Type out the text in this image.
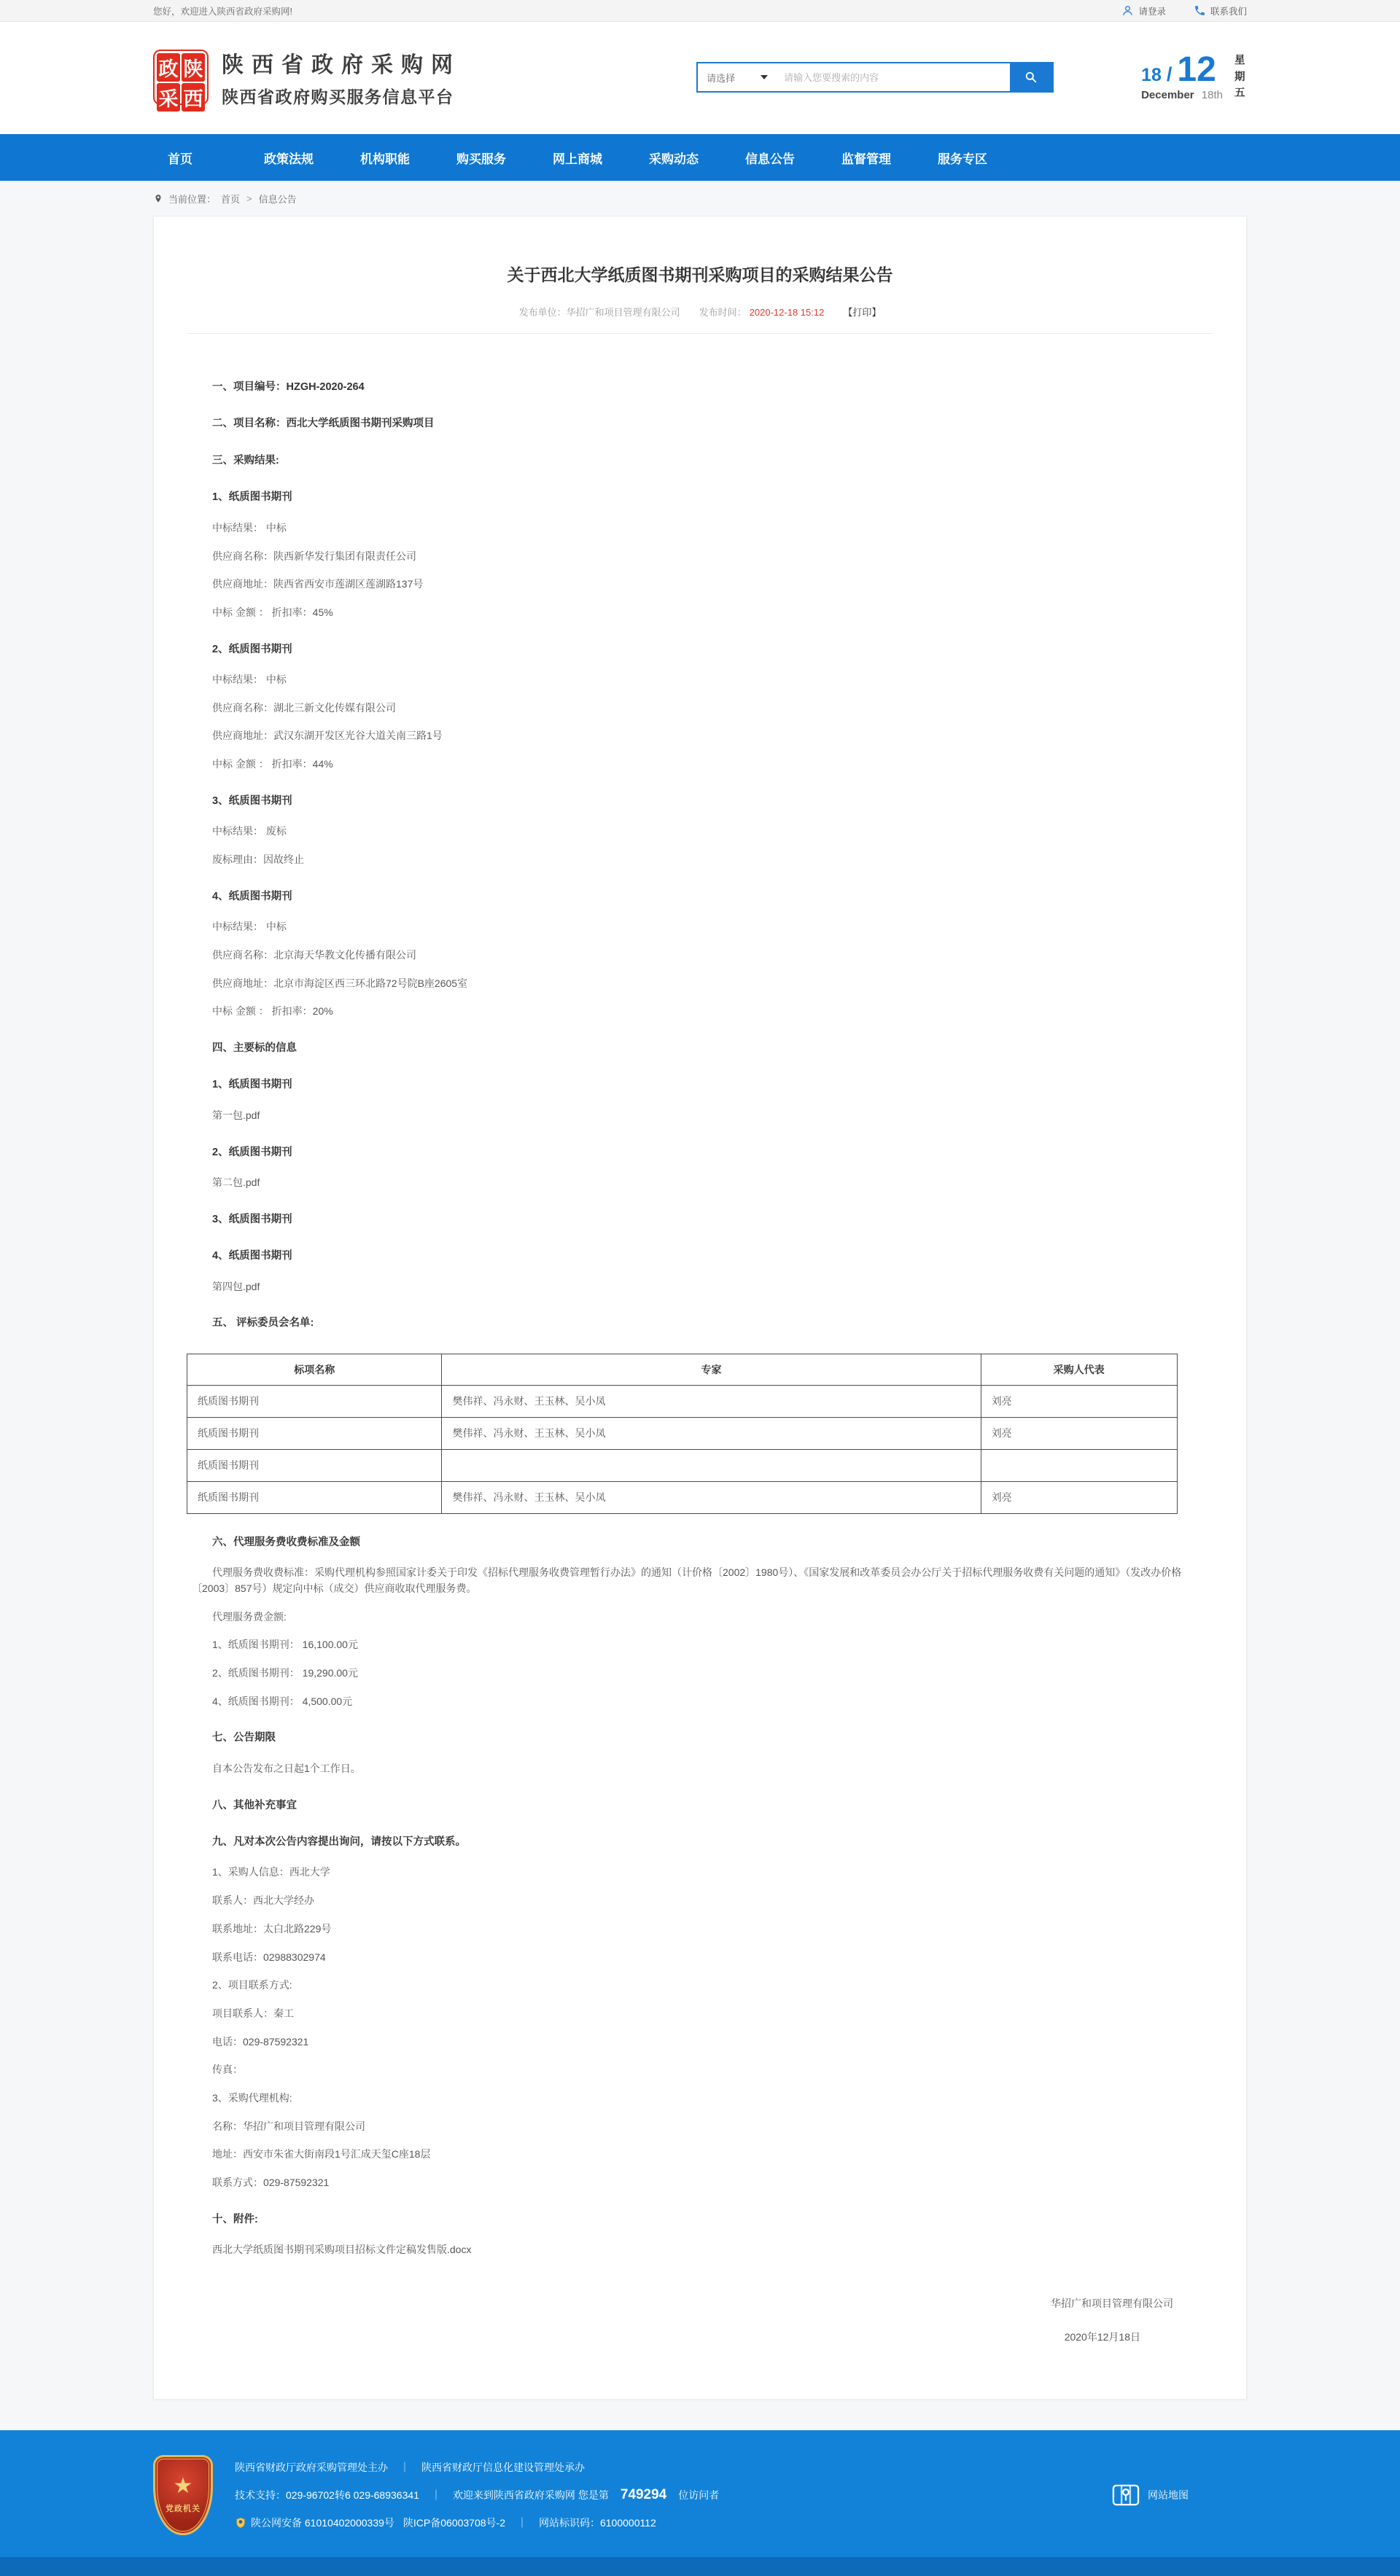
您好，欢迎进入陕西省政府采购网!	请登录	联系我们
政 陕
采 西
陕西省政府采购网
陕西省政府购买服务信息平台
请选择
请输入您要搜索的内容	18 / 12
December 18th
星期五
首页	政策法规	机构职能	购买服务	网上商城	采购动态	信息公告	监督管理	服务专区
当前位置： 首页 > 信息公告
关于西北大学纸质图书期刊采购项目的采购结果公告
发布单位：华招广和项目管理有限公司 发布时间： 2020-12-18 15:12 【打印】

一、项目编号：HZGH-2020-264

二、项目名称：西北大学纸质图书期刊采购项目

三、采购结果:

1、纸质图书期刊

中标结果： 中标

供应商名称：陕西新华发行集团有限责任公司

供应商地址：陕西省西安市莲湖区莲湖路137号

中标 金额 ： 折扣率：45%

2、纸质图书期刊

中标结果： 中标

供应商名称：湖北三新文化传媒有限公司

供应商地址：武汉东湖开发区光谷大道关南三路1号

中标 金额 ： 折扣率：44%

3、纸质图书期刊

中标结果： 废标

废标理由：因故终止

4、纸质图书期刊

中标结果： 中标

供应商名称：北京海天华教文化传播有限公司

供应商地址：北京市海淀区西三环北路72号院B座2605室

中标 金额 ： 折扣率：20%

四、主要标的信息

1、纸质图书期刊

第一包.pdf

2、纸质图书期刊

第二包.pdf

3、纸质图书期刊

4、纸质图书期刊

第四包.pdf

五、 评标委员会名单:

标项名称	专家	采购人代表
纸质图书期刊	樊伟祥、冯永财、王玉林、吴小凤	刘亮
纸质图书期刊	樊伟祥、冯永财、王玉林、吴小凤	刘亮
纸质图书期刊		
纸质图书期刊	樊伟祥、冯永财、王玉林、吴小凤	刘亮

六、代理服务费收费标准及金额

代理服务费收费标准：采购代理机构参照国家计委关于印发《招标代理服务收费管理暂行办法》的通知（计价格〔2002〕1980号）、《国家发展和改革委员会办公厅关于招标代理服务收费有关问题的通知》（发改办价格〔2003〕857号）规定向中标（成交）供应商收取代理服务费。

代理服务费金额:

1、纸质图书期刊： 16,100.00元

2、纸质图书期刊： 19,290.00元

4、纸质图书期刊： 4,500.00元

七、公告期限

自本公告发布之日起1个工作日。

八、其他补充事宜

九、凡对本次公告内容提出询问，请按以下方式联系。

1、采购人信息：西北大学

联系人：西北大学经办

联系地址：太白北路229号

联系电话：02988302974

2、项目联系方式:

项目联系人：秦工

电话：029-87592321

传真：

3、采购代理机构:

名称：华招广和项目管理有限公司

地址：西安市朱雀大街南段1号汇成天玺C座18层

联系方式：029-87592321

十、附件:

西北大学纸质图书期刊采购项目招标文件定稿发售版.docx

华招广和项目管理有限公司
2020年12月18日
★
党政机关
陕西省财政厅政府采购管理处主办 ｜ 陕西省财政厅信息化建设管理处承办
技术支持：029-96702转6 029-68936341 ｜ 欢迎来到陕西省政府采购网 您是第 749294 位访问者
陕公网安备 61010402000339号 陕ICP备06003708号-2 ｜ 网站标识码：6100000112
网站地图
